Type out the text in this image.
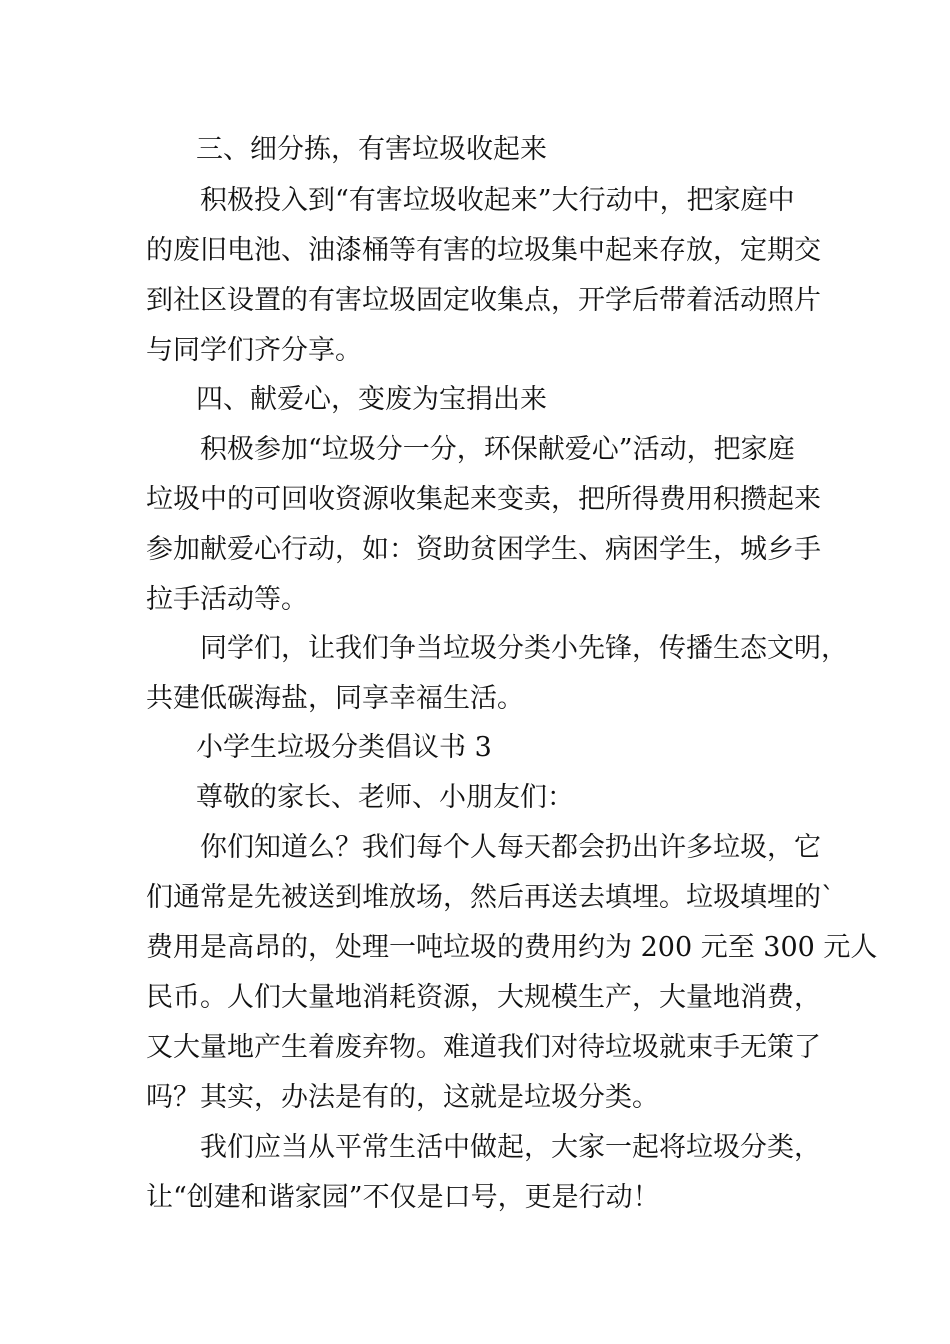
三、细分拣，有害垃圾收起来
积极投入到“有害垃圾收起来”大行动中，把家庭中
的废旧电池、油漆桶等有害的垃圾集中起来存放，定期交
到社区设置的有害垃圾固定收集点，开学后带着活动照片
与同学们齐分享。
四、献爱心，变废为宝捐出来
积极参加“垃圾分一分，环保献爱心”活动，把家庭
垃圾中的可回收资源收集起来变卖，把所得费用积攒起来
参加献爱心行动，如：资助贫困学生、病困学生，城乡手
拉手活动等。
同学们，让我们争当垃圾分类小先锋，传播生态文明，
共建低碳海盐，同享幸福生活。
小学生垃圾分类倡议书 3
尊敬的家长、老师、小朋友们：
你们知道么？我们每个人每天都会扔出许多垃圾，它
们通常是先被送到堆放场，然后再送去填埋。垃圾填埋的`
费用是高昂的，处理一吨垃圾的费用约为 200 元至 300 元人
民币。人们大量地消耗资源，大规模生产，大量地消费，
又大量地产生着废弃物。难道我们对待垃圾就束手无策了
吗？其实，办法是有的，这就是垃圾分类。
我们应当从平常生活中做起，大家一起将垃圾分类，
让“创建和谐家园”不仅是口号，更是行动！
